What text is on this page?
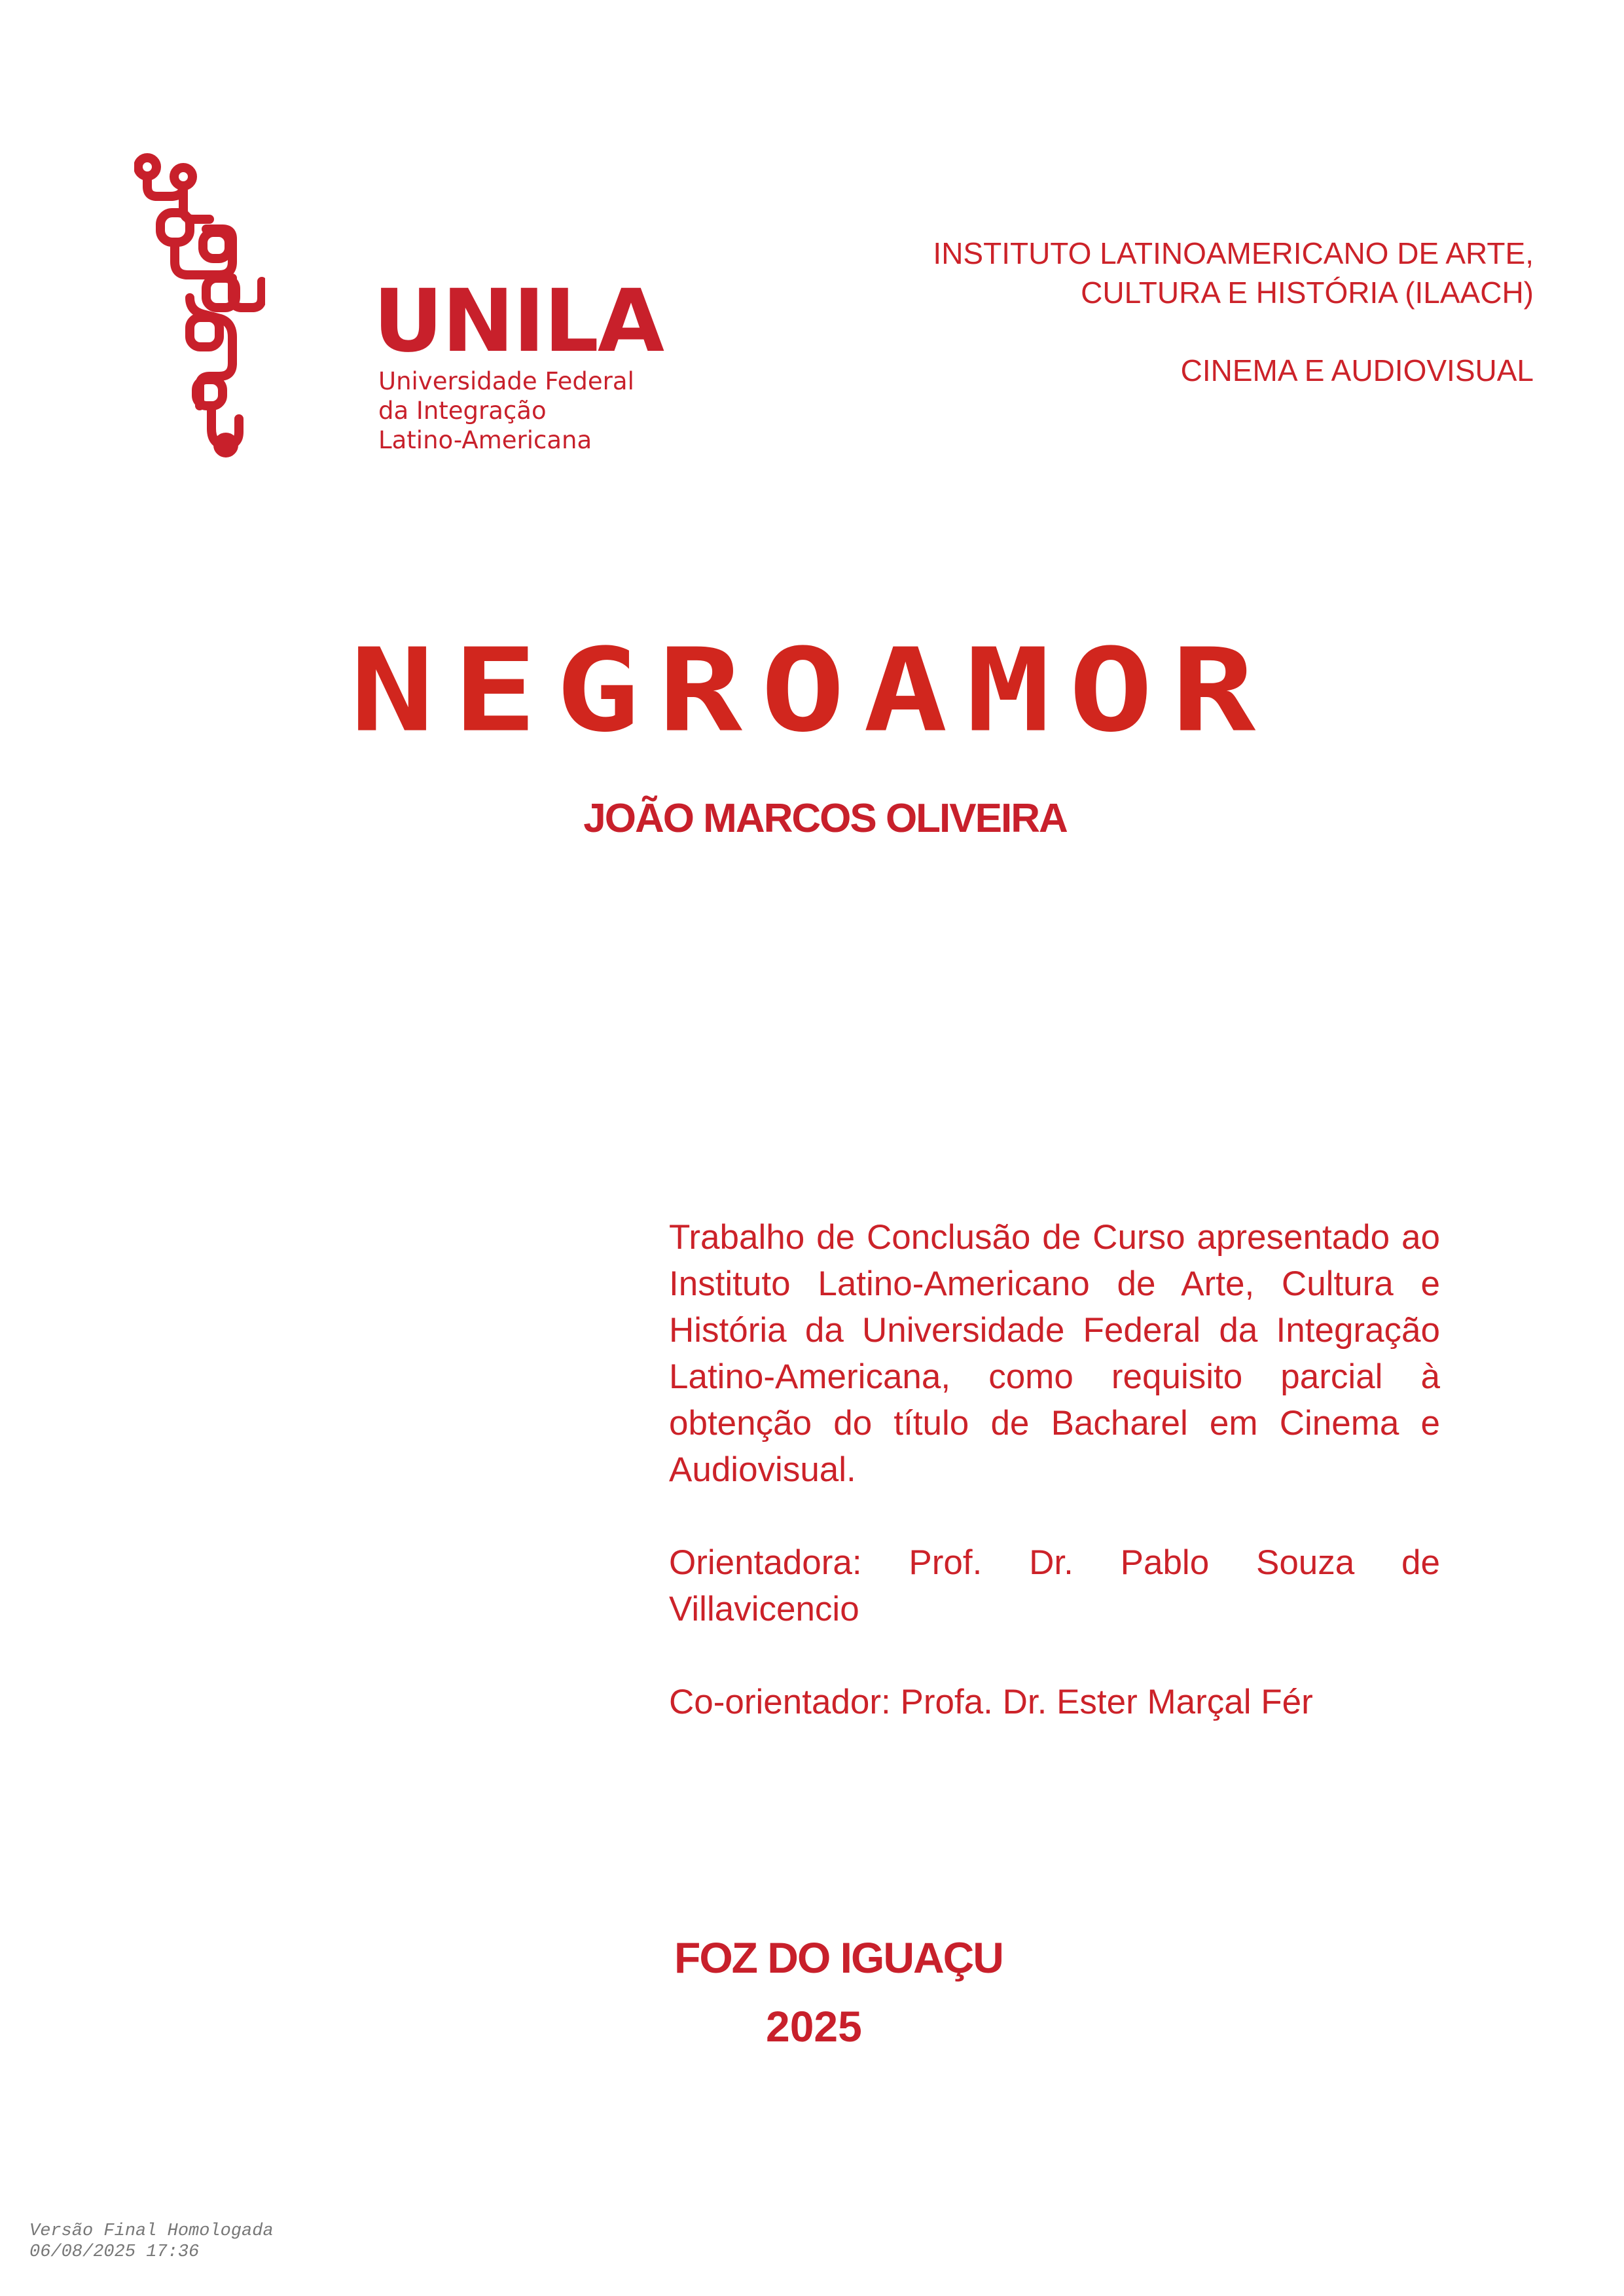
UNILA
Universidade Federal
da Integração
Latino-Americana
INSTITUTO LATINOAMERICANO DE ARTE,
CULTURA E HISTÓRIA (ILAACH)
CINEMA E AUDIOVISUAL
NEGROAMOR
JOÃO MARCOS OLIVEIRA
Trabalho de Conclusão de Curso apresentado ao Instituto Latino-Americano de Arte, Cultura e História da Universidade Federal da Integração Latino-Americana, como requisito parcial à obtenção do título de Bacharel em Cinema e Audiovisual.
Orientadora: Prof. Dr. Pablo Souza de Villavicencio
Co-orientador: Profa. Dr. Ester Marçal Fér
FOZ DO IGUAÇU
2025
Versão Final Homologada
06/08/2025 17:36
